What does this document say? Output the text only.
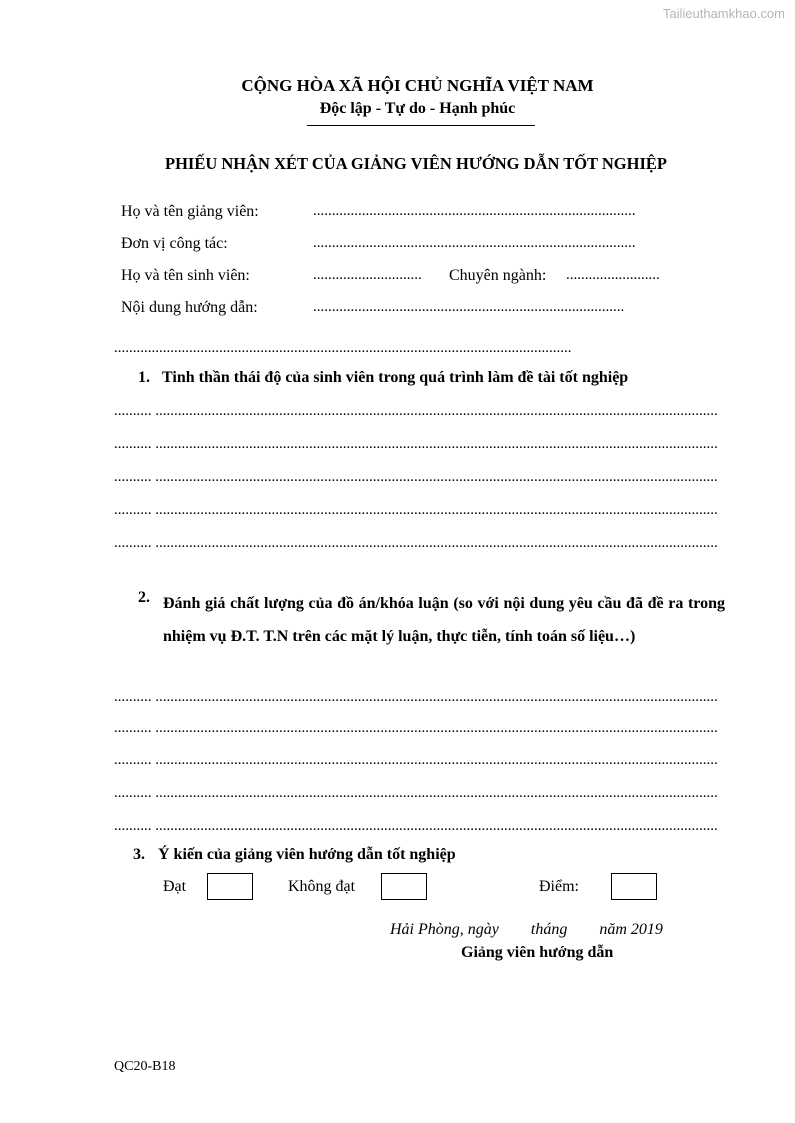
Tailieuthamkhao.com
CỘNG HÒA XÃ HỘI CHỦ NGHĨA VIỆT NAM
Độc lập - Tự do - Hạnh phúc
PHIẾU NHẬN XÉT CỦA GIẢNG VIÊN HƯỚNG DẪN TỐT NGHIỆP
Họ và tên giảng viên:	......................................................................................
Đơn vị công tác:	......................................................................................
Họ và tên sinh viên:	.............................	Chuyên ngành: .........................
Nội dung hướng dẫn:	...................................................................................
..........................................................................................................................
1. Tinh thần thái độ của sinh viên trong quá trình làm đề tài tốt nghiệp
.......... ......................................................................................................................................................
.......... ......................................................................................................................................................
.......... ......................................................................................................................................................
.......... ......................................................................................................................................................
.......... ......................................................................................................................................................
2. Đánh giá chất lượng của đồ án/khóa luận (so với nội dung yêu cầu đã đề ra trong nhiệm vụ Đ.T. T.N trên các mặt lý luận, thực tiễn, tính toán số liệu…)
.......... ......................................................................................................................................................
.......... ......................................................................................................................................................
.......... ......................................................................................................................................................
.......... ......................................................................................................................................................
.......... ......................................................................................................................................................
3. Ý kiến của giảng viên hướng dẫn tốt nghiệp
Đạt	Không đạt	Điểm:
Hải Phòng, ngày        tháng        năm 2019
Giảng viên hướng dẫn
QC20-B18
